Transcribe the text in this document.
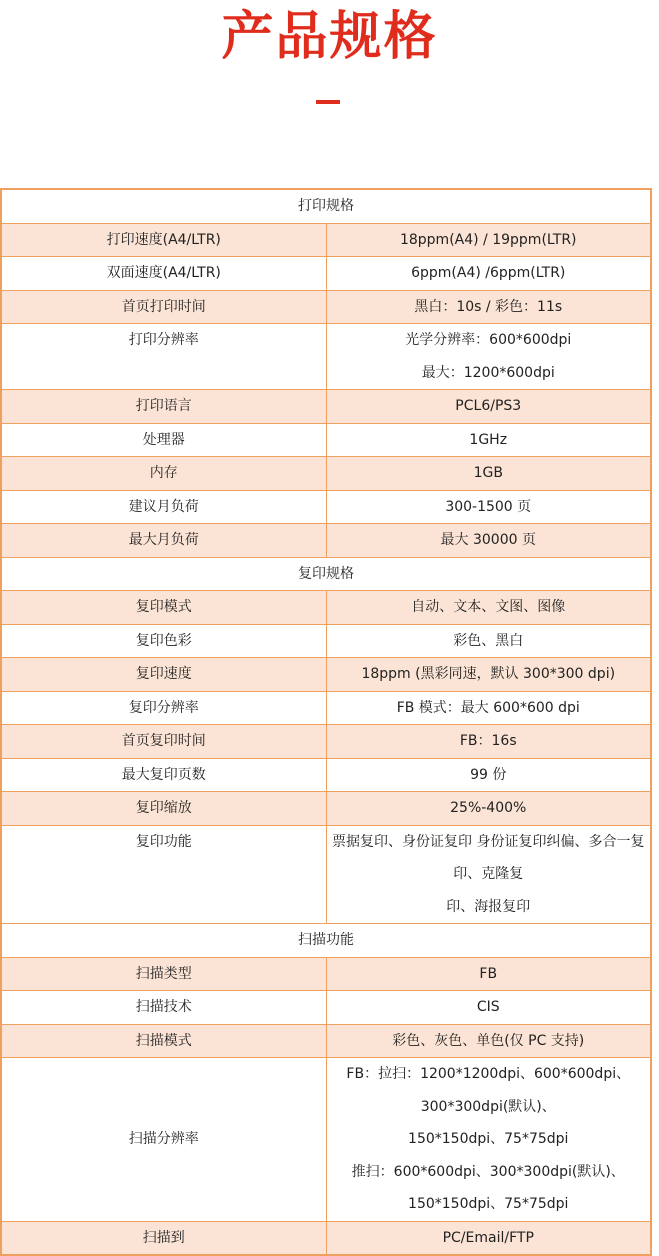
产品规格
打印规格	
打印速度(A4/LTR)	18ppm(A4) / 19ppm(LTR)

双面速度(A4/LTR)	6ppm(A4) /6ppm(LTR)

首页打印时间	黑白：10s / 彩色：11s

打印分辨率	光学分辨率：600*600dpi
最大：1200*600dpi

打印语言	PCL6/PS3

处理器	1GHz

内存	1GB

建议月负荷	300-1500 页

最大月负荷	最大 30000 页

复印规格	
复印模式	自动、文本、文图、图像

复印色彩	彩色、黑白

复印速度	18ppm (黑彩同速，默认 300*300 dpi)

复印分辨率	FB 模式：最大 600*600 dpi

首页复印时间	FB：16s

最大复印页数	99 份

复印缩放	25%-400%

复印功能	票据复印、身份证复印 身份证复印纠偏、多合一复印、克隆复
印、海报复印

扫描功能	
扫描类型	FB

扫描技术	CIS

扫描模式	彩色、灰色、单色(仅 PC 支持)

扫描分辨率	FB：拉扫：1200*1200dpi、600*600dpi、300*300dpi(默认)、
150*150dpi、75*75dpi
推扫：600*600dpi、300*300dpi(默认)、150*150dpi、75*75dpi

扫描到	PC/Email/FTP
